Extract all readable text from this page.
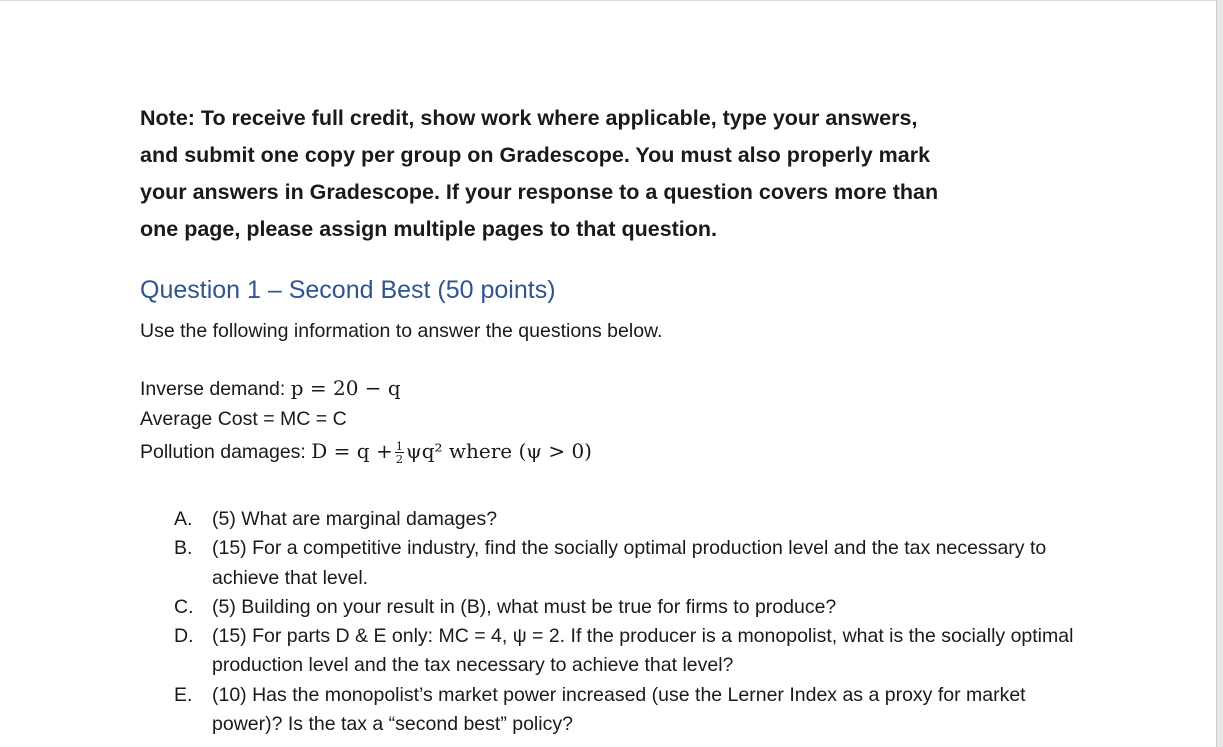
Note: To receive full credit, show work where applicable, type your answers,
and submit one copy per group on Gradescope. You must also properly mark
your answers in Gradescope. If your response to a question covers more than
one page, please assign multiple pages to that question.

Question 1 – Second Best (50 points)

Use the following information to answer the questions below.

Inverse demand: p = 20 − q

Average Cost = MC = C

Pollution damages: $D = q + \frac{1}{2} \psi q^2$ where (ψ > 0)

A. (5) What are marginal damages?
B. (15) For a competitive industry, find the socially optimal production level and the tax necessary to achieve that level.
C. (5) Building on your result in (B), what must be true for firms to produce?
D. (15) For parts D & E only: MC = 4, ψ = 2. If the producer is a monopolist, what is the socially optimal production level and the tax necessary to achieve that level?
E. (10) Has the monopolist’s market power increased (use the Lerner Index as a proxy for market power)? Is the tax a “second best” policy?
